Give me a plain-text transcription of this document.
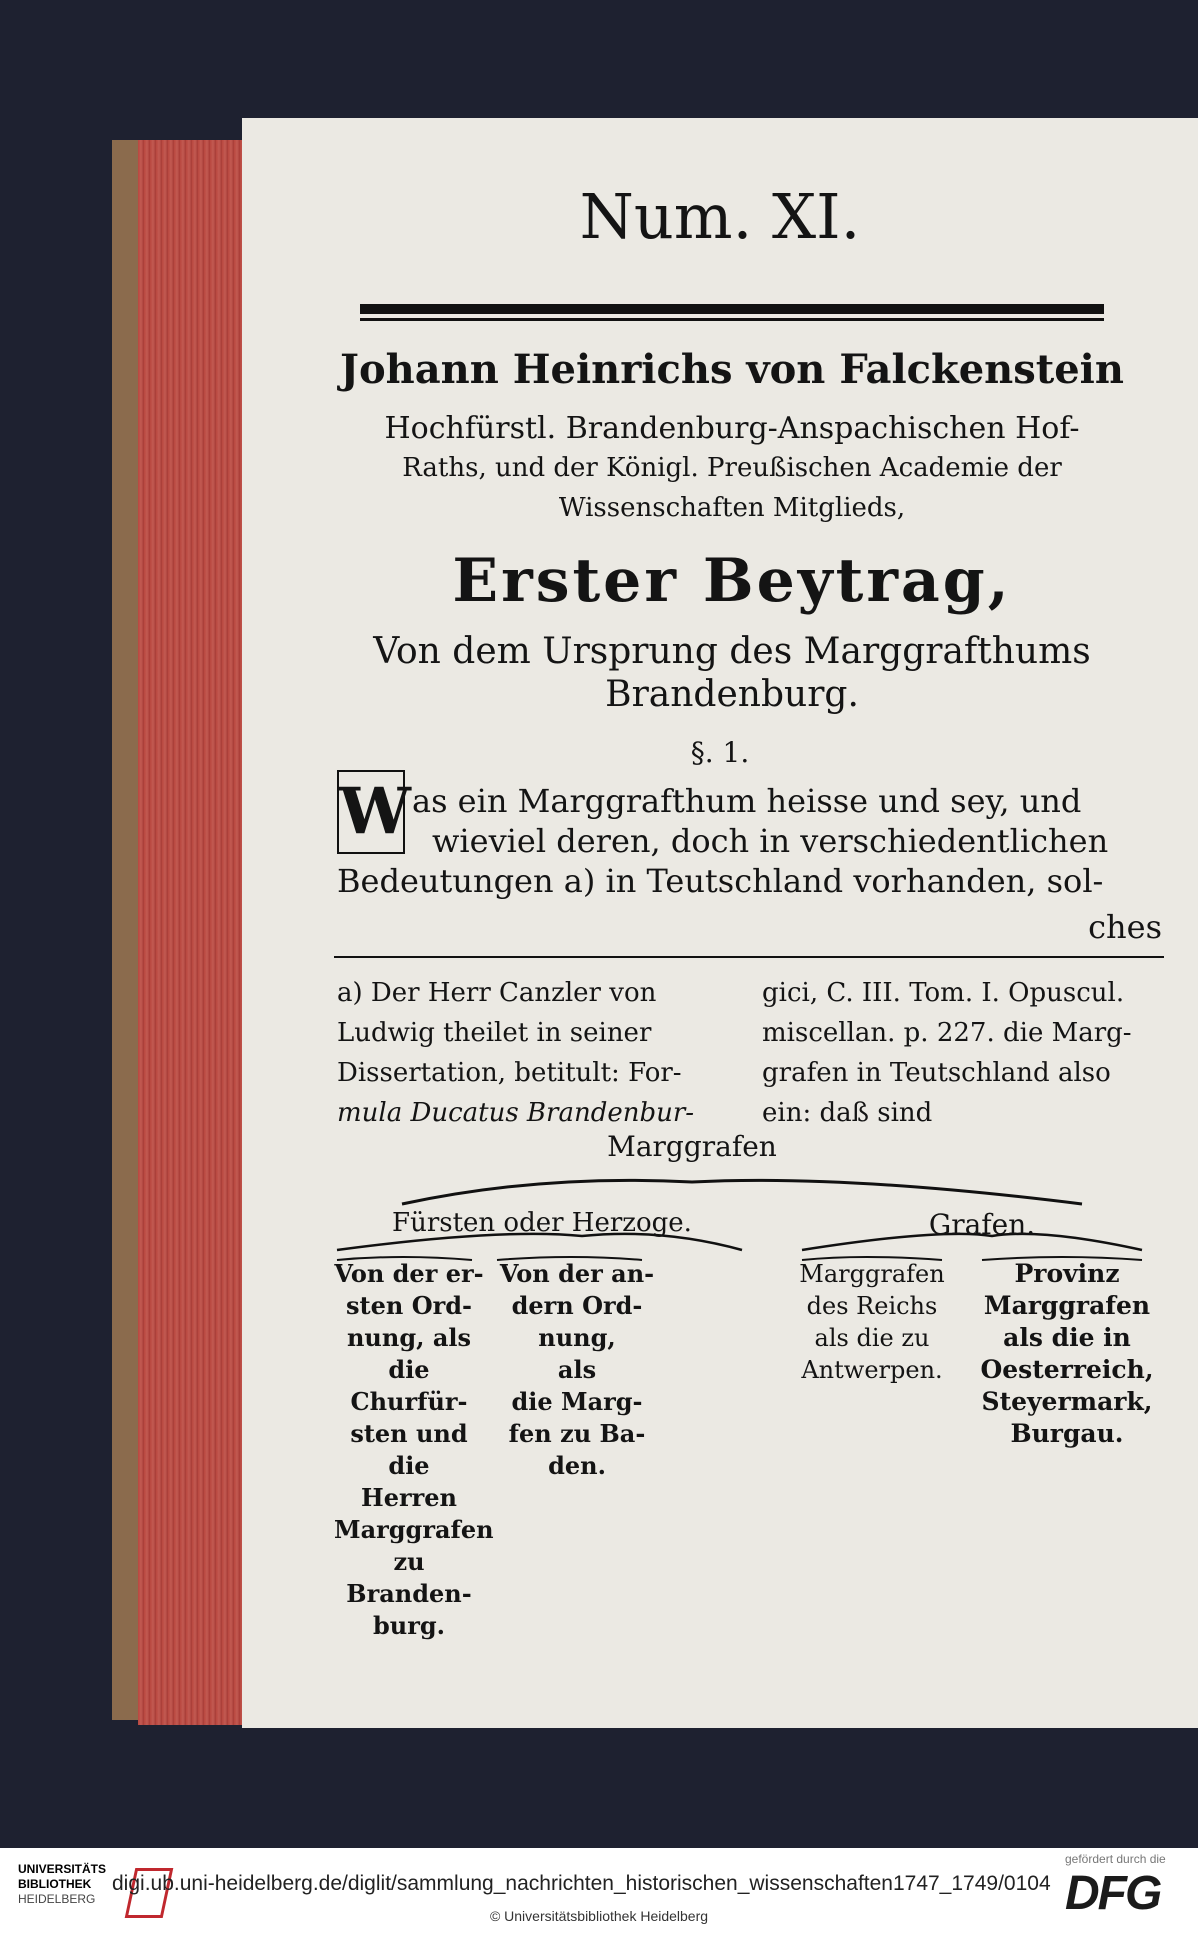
Num. XI.
Johann Heinrichs von Falckenstein
Hochfürstl. Brandenburg-Anspachischen Hof-
Raths, und der Königl. Preußischen Academie der
Wissenschaften Mitglieds,
Erster Beytrag,
Von dem Ursprung des Marggrafthums
Brandenburg.
§. 1.
W as ein Marggrafthum heisse und sey, und
wieviel deren, doch in verschiedentlichen
Bedeutungen a) in Teutschland vorhanden, sol-
ches
a) Der Herr Canzler von
Ludwig theilet in seiner
Dissertation, betitult: For-
mula Ducatus Brandenbur-
gici, C. III. Tom. I. Opuscul.
miscellan. p. 227. die Marg-
grafen in Teutschland also
ein: daß sind
Marggrafen
Fürsten oder Herzoge.	Grafen.
Von der er-
sten Ord-
nung, als
die Churfür-
sten und die
Herren
Marggrafen
zu Branden-
burg.
Von der an-
dern Ord-
nung,
als
die Marg-
fen zu Ba-
den.
Marggrafen
des Reichs
als die zu
Antwerpen.
Provinz
Marggrafen
als die in
Oesterreich,
Steyermark,
Burgau.
UNIVERSITÄTS
BIBLIOTHEK
HEIDELBERG
digi.ub.uni-heidelberg.de/diglit/sammlung_nachrichten_historischen_wissenschaften1747_1749/0104
© Universitätsbibliothek Heidelberg
gefördert durch die
DFG
